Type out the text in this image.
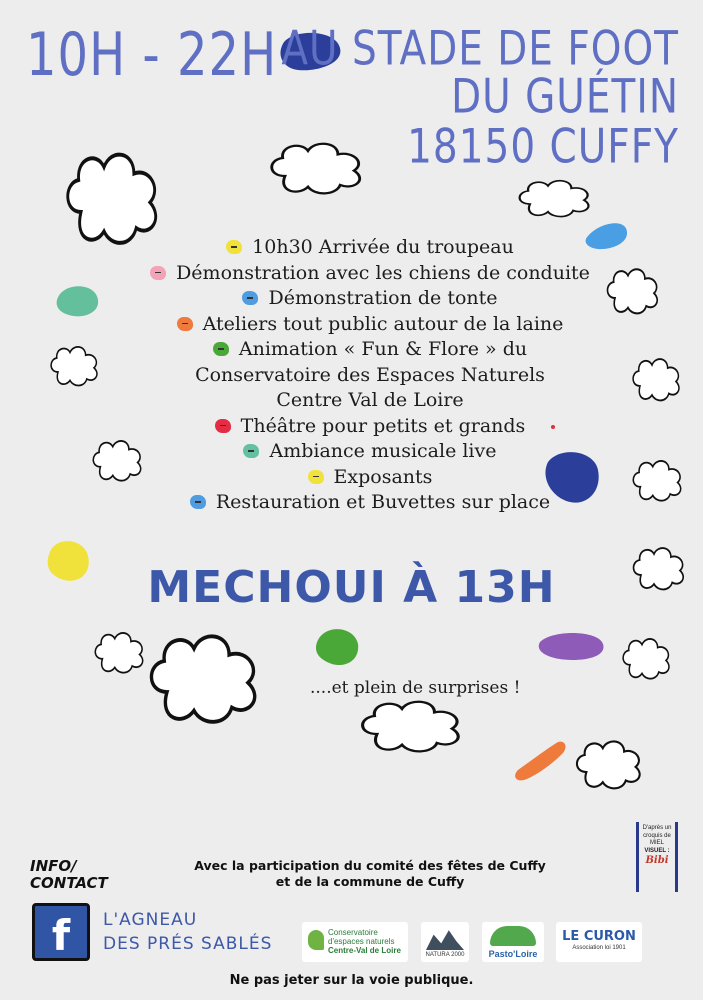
10H - 22H AU STADE DE FOOT
DU GUÉTIN
18150 CUFFY
10h30 Arrivée du troupeau
Démonstration avec les chiens de conduite
Démonstration de tonte
Ateliers tout public autour de la laine
Animation « Fun & Flore » du Conservatoire des Espaces Naturels Centre Val de Loire
Théâtre pour petits et grands
Ambiance musicale live
Exposants
Restauration et Buvettes sur place
MECHOUI À 13H
....et plein de surprises !
INFO/
CONTACT
f	L'AGNEAU
DES PRÉS SABLÉS
Avec la participation du comité des fêtes de Cuffy
et de la commune de Cuffy
Conservatoire
d'espaces naturels
Centre-Val de Loire	NATURA 2000	Pasto'Loire
LE CURON
Association loi 1901
D'après un
croquis de
MIEL
VISUEL :
Bibi
Ne pas jeter sur la voie publique.
